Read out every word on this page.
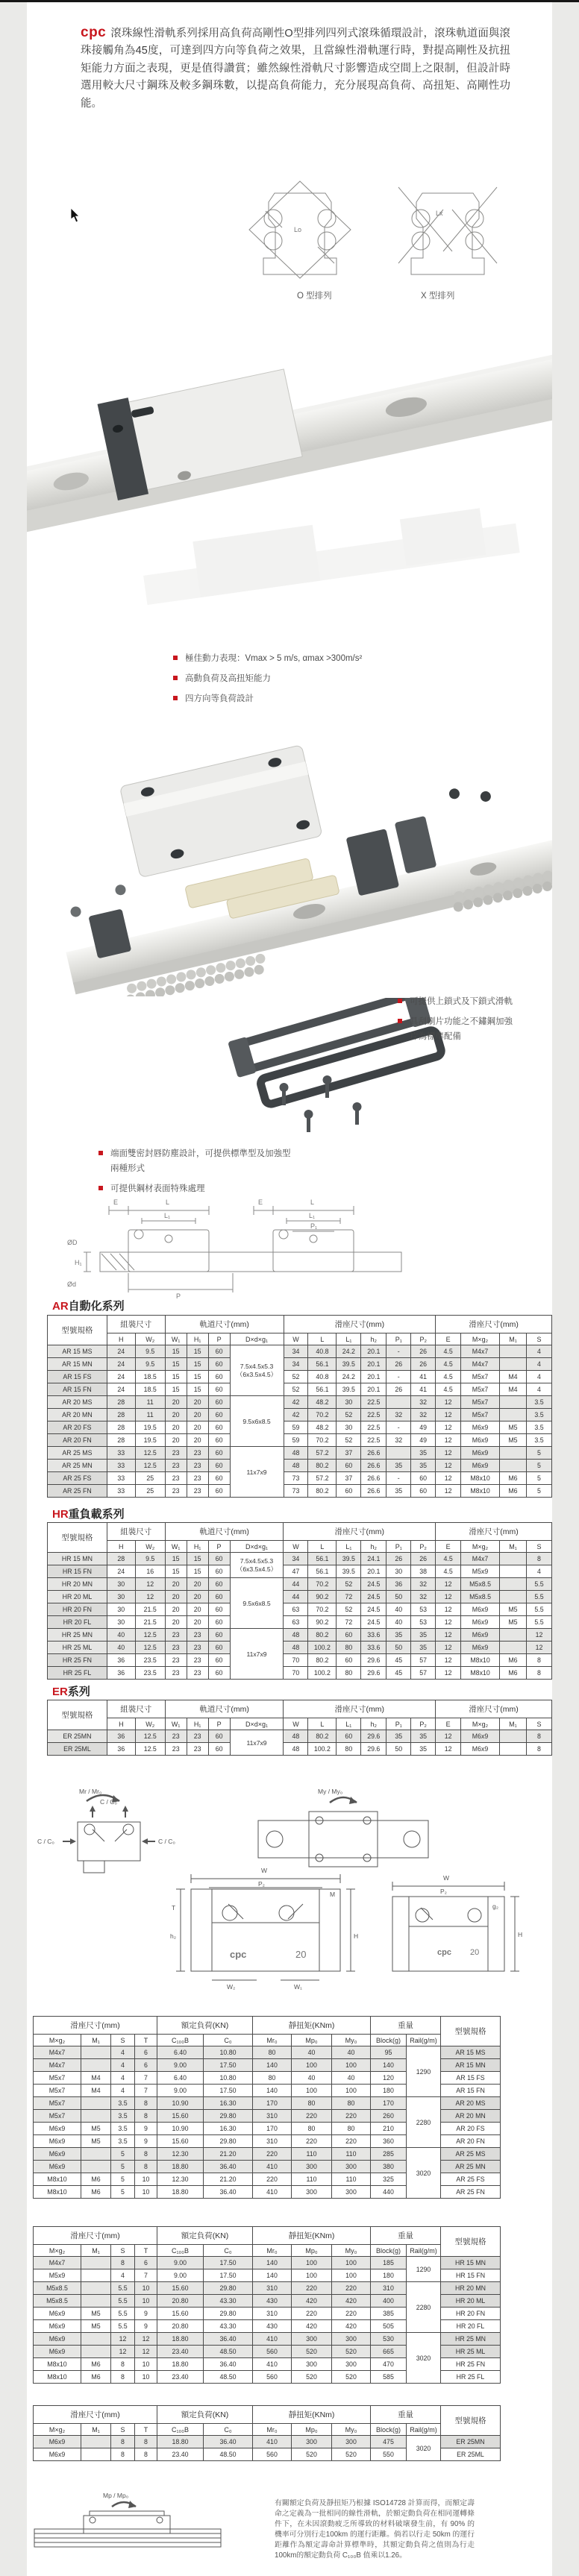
cpc 滾珠線性滑軌系列採用高負荷高剛性O型排列四列式滾珠循環設計，滾珠軌道面與滾珠接觸角為45度，可達到四方向等負荷之效果，且當線性滑軌運行時，對提高剛性及抗扭矩能力方面之表現，更是值得讚賞；雖然線性滑軌尺寸影響造成空間上之限制，但設計時選用較大尺寸鋼珠及較多鋼珠數，以提高負荷能力，充分展現高負荷、高扭矩、高剛性功能。

Lo
Lx
O 型排列	X 型排列
極佳動力表現：Vmax > 5 m/s, αmax >300m/s²
高動負荷及高扭矩能力
四方向等負荷設計
可提供上鎖式及下鎖式滑軌
具刮刷片功能之不鏽鋼加強片為標準配備
端面雙密封唇防塵設計，可提供標準型及加強型兩種形式
可提供鋼材表面特殊處理
E	L
L₁
E	L
L₁
P₁
ØD
Ød
H₁
P
AR自動化系列
型號規格	組裝尺寸		軌道尺寸(mm)				滑座尺寸(mm)						滑座尺寸(mm)			
	H	W₂	W₁	H₁	P	D×d×g₁	W	L	L₁	h₂	P₁	P₂	E	M×g₂	M₁	S
AR 15 MS	24	9.5	15	15	60	7.5x4.5x5.3（6x3.5x4.5）	34	40.8	24.2	20.1	-	26	4.5	M4x7		4
AR 15 MN	24	9.5	15	15	60		34	56.1	39.5	20.1	26	26	4.5	M4x7		4
AR 15 FS	24	18.5	15	15	60		52	40.8	24.2	20.1	-	41	4.5	M5x7	M4	4
AR 15 FN	24	18.5	15	15	60		52	56.1	39.5	20.1	26	41	4.5	M5x7	M4	4
AR 20 MS	28	11	20	20	60	9.5x6x8.5	42	48.2	30	22.5		32	12	M5x7		3.5
AR 20 MN	28	11	20	20	60		42	70.2	52	22.5	32	32	12	M5x7		3.5
AR 20 FS	28	19.5	20	20	60		59	48.2	30	22.5	-	49	12	M6x9	M5	3.5
AR 20 FN	28	19.5	20	20	60		59	70.2	52	22.5	32	49	12	M6x9	M5	3.5
AR 25 MS	33	12.5	23	23	60	11x7x9	48	57.2	37	26.6		35	12	M6x9		5
AR 25 MN	33	12.5	23	23	60		48	80.2	60	26.6	35	35	12	M6x9		5
AR 25 FS	33	25	23	23	60		73	57.2	37	26.6	-	60	12	M8x10	M6	5
AR 25 FN	33	25	23	23	60		73	80.2	60	26.6	35	60	12	M8x10	M6	5
HR重負載系列
型號規格	組裝尺寸		軌道尺寸(mm)				滑座尺寸(mm)						滑座尺寸(mm)			
	H	W₂	W₁	H₁	P	D×d×g₁	W	L	L₁	h₂	P₁	P₂	E	M×g₂	M₁	S
HR 15 MN	28	9.5	15	15	60	7.5x4.5x5.3（6x3.5x4.5）	34	56.1	39.5	24.1	26	26	4.5	M4x7		8
HR 15 FN	24	16	15	15	60		47	56.1	39.5	20.1	30	38	4.5	M5x9		4
HR 20 MN	30	12	20	20	60	9.5x6x8.5	44	70.2	52	24.5	36	32	12	M5x8.5		5.5
HR 20 ML	30	12	20	20	60		44	90.2	72	24.5	50	32	12	M5x8.5		5.5
HR 20 FN	30	21.5	20	20	60		63	70.2	52	24.5	40	53	12	M6x9	M5	5.5
HR 20 FL	30	21.5	20	20	60		63	90.2	72	24.5	40	53	12	M6x9	M5	5.5
HR 25 MN	40	12.5	23	23	60	11x7x9	48	80.2	60	33.6	35	35	12	M6x9		12
HR 25 ML	40	12.5	23	23	60		48	100.2	80	33.6	50	35	12	M6x9		12
HR 25 FN	36	23.5	23	23	60		70	80.2	60	29.6	45	57	12	M8x10	M6	8
HR 25 FL	36	23.5	23	23	60		70	100.2	80	29.6	45	57	12	M8x10	M6	8
ER系列
型號規格	組裝尺寸		軌道尺寸(mm)				滑座尺寸(mm)						滑座尺寸(mm)			
	H	W₂	W₁	H₁	P	D×d×g₁	W	L	L₁	h₂	P₁	P₂	E	M×g₂	M₁	S
ER 25MN	36	12.5	23	23	60	11x7x9	48	80.2	60	29.6	35	35	12	M6x9		8
ER 25ML	36	12.5	23	23	60		48	100.2	80	29.6	50	35	12	M6x9		8
Mr / Mr₀	My / My₀
C / C₀
C / C₀	C / C₀
cpc	20	cpc 20
W
P₂
M
T
h₂	H
W₂	W₁
W
P₂
g₂
H
滑座尺寸(mm)				額定負荷(KN)		靜扭矩(KNm)			重量		型號規格
M×g₂	M₁	S	T	C₁₀₀B	C₀	Mr₀	Mp₀	My₀	Block(g)	Rail(g/m)	
M4x7		4	6	6.40	10.80	80	40	40	95	1290	AR 15 MS
M4x7		4	6	9.00	17.50	140	100	100	140		AR 15 MN
M5x7	M4	4	7	6.40	10.80	80	40	40	120		AR 15 FS
M5x7	M4	4	7	9.00	17.50	140	100	100	180		AR 15 FN
M5x7		3.5	8	10.90	16.30	170	80	80	170	2280	AR 20 MS
M5x7		3.5	8	15.60	29.80	310	220	220	260		AR 20 MN
M6x9	M5	3.5	9	10.90	16.30	170	80	80	210		AR 20 FS
M6x9	M5	3.5	9	15.60	29.80	310	220	220	360		AR 20 FN
M6x9		5	8	12.30	21.20	220	110	110	285	3020	AR 25 MS
M6x9		5	8	18.80	36.40	410	300	300	380		AR 25 MN
M8x10	M6	5	10	12.30	21.20	220	110	110	325		AR 25 FS
M8x10	M6	5	10	18.80	36.40	410	300	300	440		AR 25 FN
滑座尺寸(mm)				額定負荷(KN)		靜扭矩(KNm)			重量		型號規格
M×g₂	M₁	S	T	C₁₀₀B	C₀	Mr₀	Mp₀	My₀	Block(g)	Rail(g/m)	
M4x7		8	6	9.00	17.50	140	100	100	185	1290	HR 15 MN
M5x9		4	7	9.00	17.50	140	100	100	180		HR 15 FN
M5x8.5		5.5	10	15.60	29.80	310	220	220	310	2280	HR 20 MN
M5x8.5		5.5	10	20.80	43.30	430	420	420	400		HR 20 ML
M6x9	M5	5.5	9	15.60	29.80	310	220	220	385		HR 20 FN
M6x9	M5	5.5	9	20.80	43.30	430	420	420	505		HR 20 FL
M6x9		12	12	18.80	36.40	410	300	300	530	3020	HR 25 MN
M6x9		12	12	23.40	48.50	560	520	520	665		HR 25 ML
M8x10	M6	8	10	18.80	36.40	410	300	300	470		HR 25 FN
M8x10	M6	8	10	23.40	48.50	560	520	520	585		HR 25 FL
滑座尺寸(mm)				額定負荷(KN)		靜扭矩(KNm)			重量		型號規格
M×g₂	M₁	S	T	C₁₀₀B	C₀	Mr₀	Mp₀	My₀	Block(g)	Rail(g/m)	
M6x9		8	8	18.80	36.40	410	300	300	475	3020	ER 25MN
M6x9		8	8	23.40	48.50	560	520	520	550		ER 25ML
Mp / Mp₀

有關額定負荷及靜扭矩乃根據 ISO14728 計算而得，而額定壽命之定義為一批相同的線性滑軌，於額定動負荷在相同運轉條件下，在未因滾動疲乏所導致的材料破壞發生前，有 90% 的機率可分別行走100km 的運行距離。倘若以行走 50km 的運行距離作為額定壽命計算標準時，其額定動負荷之值則為行走 100km的額定動負荷 C₁₀₀B 值乘以1.26。
